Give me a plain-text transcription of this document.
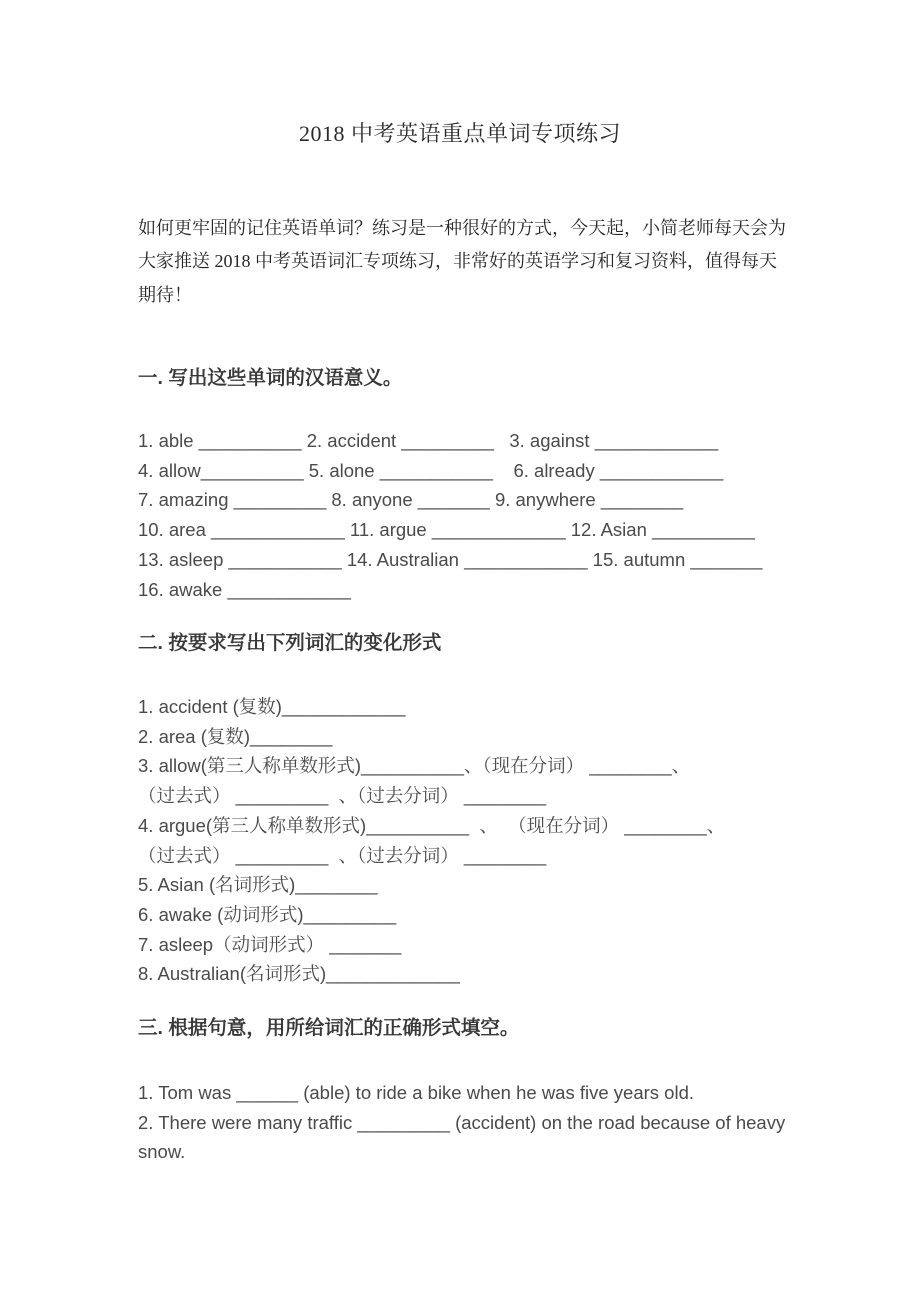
2018 中考英语重点单词专项练习
如何更牢固的记住英语单词？练习是一种很好的方式，今天起，小简老师每天会为
大家推送 2018 中考英语词汇专项练习，非常好的英语学习和复习资料，值得每天
期待！
一. 写出这些单词的汉语意义。
1. able __________ 2. accident _________   3. against ____________
4. allow__________ 5. alone ___________    6. already ____________
7. amazing _________ 8. anyone _______ 9. anywhere ________
10. area _____________ 11. argue _____________ 12. Asian __________
13. asleep ___________ 14. Australian ____________ 15. autumn _______
16. awake ____________
二. 按要求写出下列词汇的变化形式
1. accident (复数)____________
2. area (复数)________
3. allow(第三人称单数形式)__________、（现在分词） ________、
（过去式） _________  、（过去分词） ________
4. argue(第三人称单数形式)__________  、  （现在分词） ________、
（过去式） _________  、（过去分词） ________
5. Asian (名词形式)________
6. awake (动词形式)_________
7. asleep（动词形式） _______
8. Australian(名词形式)_____________
三. 根据句意，用所给词汇的正确形式填空。
1. Tom was ______ (able) to ride a bike when he was five years old.
2. There were many traffic _________ (accident) on the road because of heavy
snow.
